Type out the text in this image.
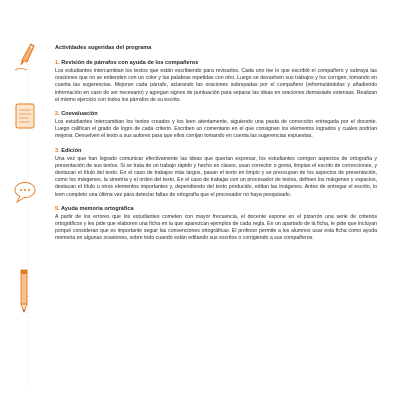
Actividades sugeridas del programa
1. Revisión de párrafos con ayuda de los compañeros

Los estudiantes intercambian los textos que están escribiendo para revisarlos. Cada uno lee lo que escribió el compañero y subraya las oraciones que no se entienden con un color y las palabras repetidas con otro. Luego se devuelven sus trabajos y los corrigen, tomando en cuenta las sugerencias. Mejoran cada párrafo, aclarando las oraciones subrayadas por el compañero (reformulándolas y añadiendo información en caso de ser necesario) y agregan signos de puntuación para separar las ideas en oraciones demasiado extensas. Realizan el mismo ejercicio con todos los párrafos de su escrito.

2. Coevaluación

Los estudiantes intercambian los textos creados y los leen atentamente, siguiendo una pauta de corrección entregada por el docente. Luego califican el grado de logro de cada criterio. Escriben un comentario en el que consignan los elementos logrados y cuáles podrían mejorar. Devuelven el texto a sus autores para que ellos corrijan tomando en cuenta las sugerencias expuestas.

3. Edición

Una vez que han logrado comunicar efectivamente las ideas que querían expresar, los estudiantes corrigen aspectos de ortografía y presentación de sus textos. Si se trata de un trabajo rápido y hecho en clases, usan corrector o goma, limpian el escrito de correcciones, y destacan el título del texto. En el caso de trabajos más largos, pasan el texto en limpio y se preocupan de los aspectos de presentación, como los márgenes, la simetría y el orden del texto. En el caso de trabajar con un procesador de textos, definen los márgenes y espacios, destacan el título u otros elementos importantes y, dependiendo del texto producido, editan las imágenes. Antes de entregar el escrito, lo leen completo una última vez para detectar faltas de ortografía que el procesador no haya pesquisado.

5. Ayuda memoria ortográfica

A partir de los errores que los estudiantes cometen con mayor frecuencia, el docente expone en el pizarrón una serie de criterios ortográficos y les pide que elaboren una ficha en la que aparezcan ejemplos de cada regla. En un apartado de la ficha, le pide que incluyan porqué consideran que es importante seguir las convenciones ortográficas. El profesor permite a los alumnos usar esta ficha como ayuda memoria en algunas ocasiones, sobre todo cuando están editando sus escritos o corrigiendo a sus compañeros.
